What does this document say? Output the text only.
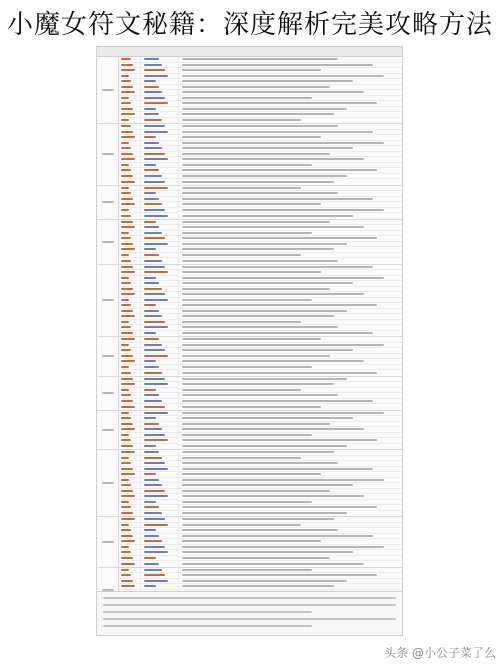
小魔女符文秘籍：深度解析完美攻略方法
头条 @小公子菜了么
